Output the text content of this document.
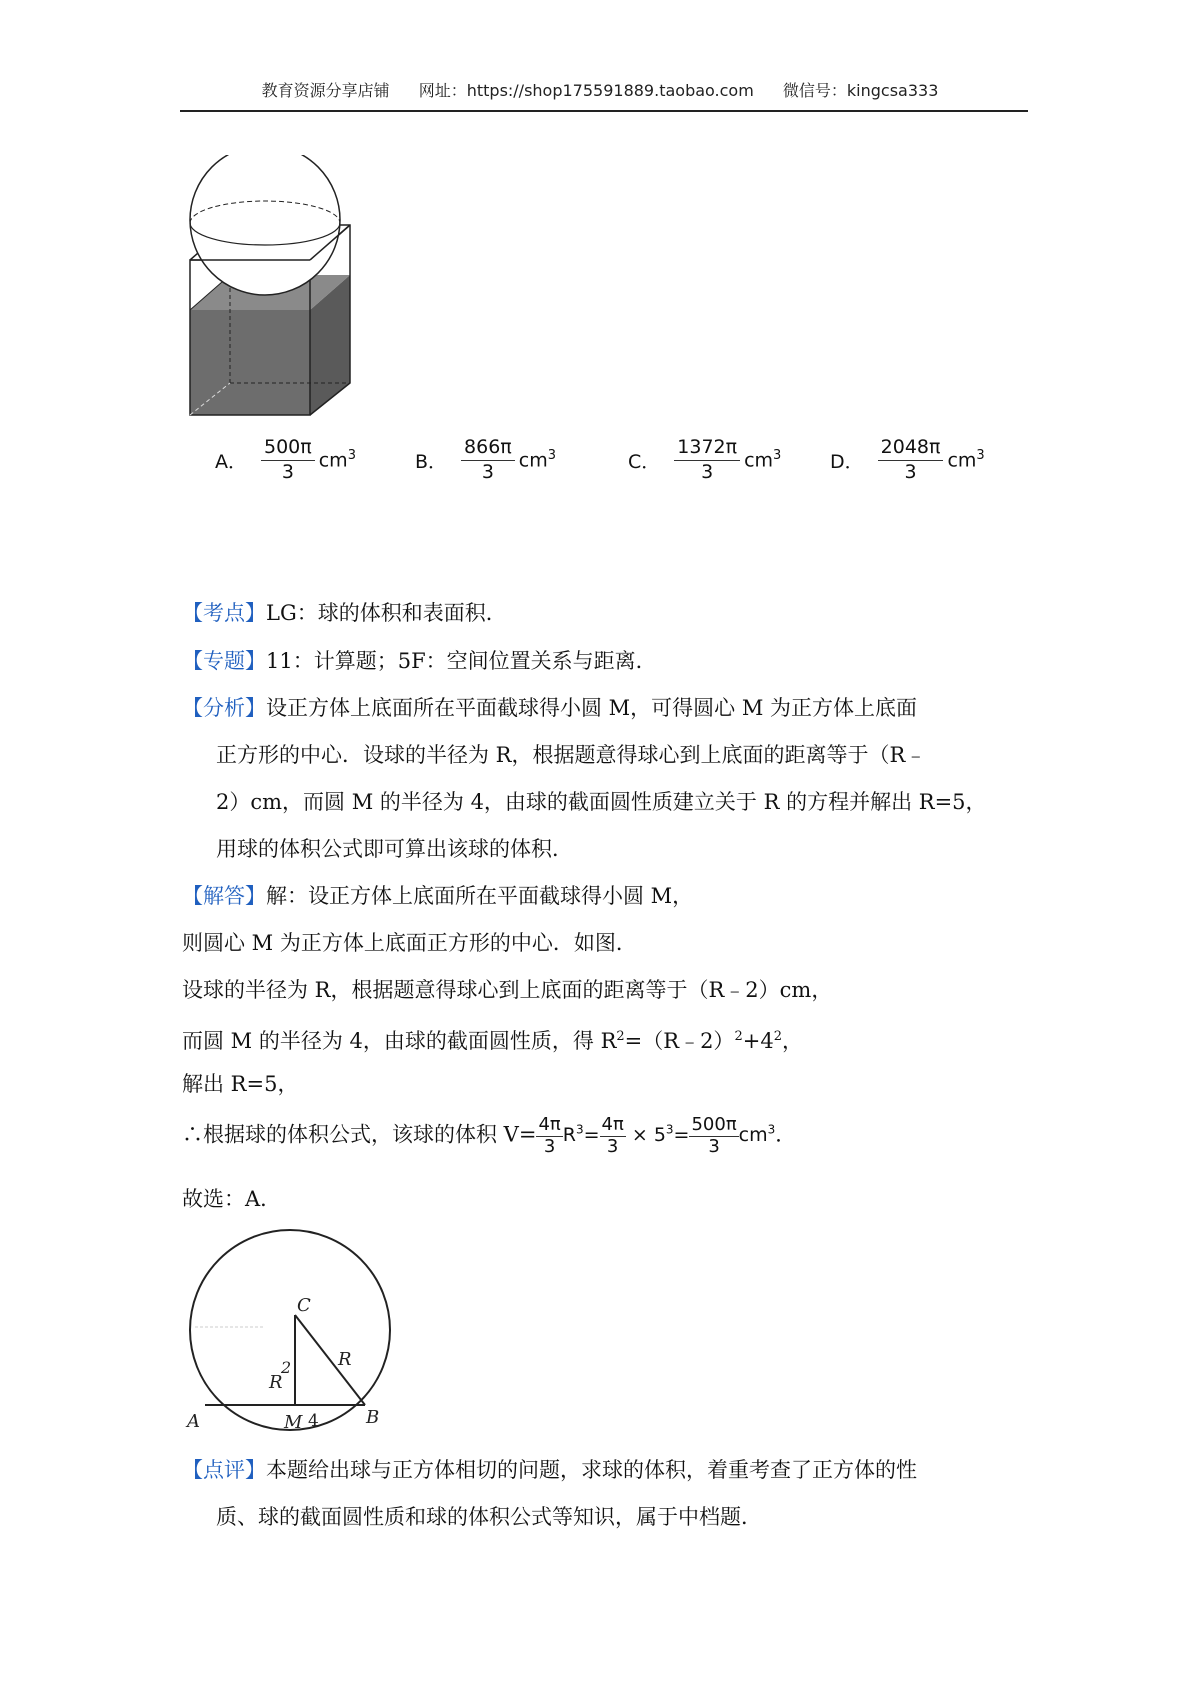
教育资源分享店铺 网址：https://shop175591889.taobao.com 微信号：kingcsa333
A． $\frac{500\pi}{3} cm^3$	B． $\frac{866\pi}{3} cm^3$	C． $\frac{1372\pi}{3} cm^3$	D． $\frac{2048\pi}{3} cm^3$
【考点】LG：球的体积和表面积．
【专题】11：计算题；5F：空间位置关系与距离．
【分析】设正方体上底面所在平面截球得小圆 M，可得圆心 M 为正方体上底面
正方形的中心．设球的半径为 R，根据题意得球心到上底面的距离等于（R﹣
2）cm，而圆 M 的半径为 4，由球的截面圆性质建立关于 R 的方程并解出 R=5，
用球的体积公式即可算出该球的体积．
【解答】解：设正方体上底面所在平面截球得小圆 M，
则圆心 M 为正方体上底面正方形的中心．如图．
设球的半径为 R，根据题意得球心到上底面的距离等于（R﹣2）cm，
而圆 M 的半径为 4，由球的截面圆性质，得 $R^2=(R﹣2)^2+4^2$，
解出 R=5，
∴根据球的体积公式，该球的体积 $V= \frac{4\pi}{3} R^3= \frac{4\pi}{3} \times 5^3= \frac{500\pi}{3} cm^3$．
故选：A．
C
2
R
R
A	M 4	B
【点评】本题给出球与正方体相切的问题，求球的体积，着重考查了正方体的性
质、球的截面圆性质和球的体积公式等知识，属于中档题．
